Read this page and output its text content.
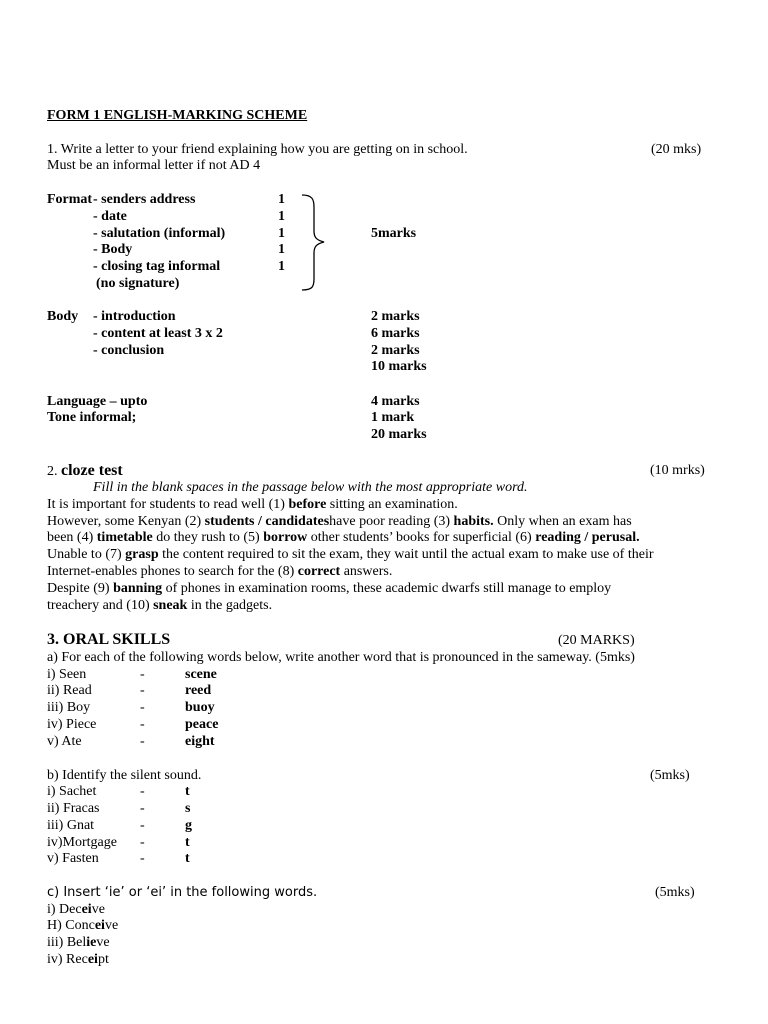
FORM 1 ENGLISH-MARKING SCHEME
1. Write a letter to your friend explaining how you are getting on in school.	(20 mks)
Must be an informal letter if not AD 4
Format - senders address	1
- date	1
- salutation (informal)	1
- Body	1
- closing tag informal	1
(no signature)
5marks
Body - introduction	2 marks
- content at least 3 x 2	6 marks
- conclusion	2 marks
10 marks
Language – upto	4 marks
Tone informal;	1 mark
20 marks
2. cloze test	(10 mrks)
Fill in the blank spaces in the passage below with the most appropriate word.
It is important for students to read well (1) before sitting an examination.
However, some Kenyan (2) students / candidateshave poor reading (3) habits. Only when an exam has
been (4) timetable do they rush to (5) borrow other students’ books for superficial (6) reading / perusal.
Unable to (7) grasp the content required to sit the exam, they wait until the actual exam to make use of their
Internet-enables phones to search for the (8) correct answers.
Despite (9) banning of phones in examination rooms, these academic dwarfs still manage to employ
treachery and (10) sneak in the gadgets.
3. ORAL SKILLS	(20 MARKS)
a) For each of the following words below, write another word that is pronounced in the sameway. (5mks)
i) Seen	-	scene
ii) Read	-	reed
iii) Boy	-	buoy
iv) Piece	-	peace
v) Ate	-	eight
b) Identify the silent sound.	(5mks)
i) Sachet	-	t
ii) Fracas	-	s
iii) Gnat	-	g
iv)Mortgage -	t
v) Fasten	-	t
c) Insert ‘ie’ or ‘ei’ in the following words.	(5mks)
i) Deceive
H) Conceive
iii) Believe
iv) Receipt
